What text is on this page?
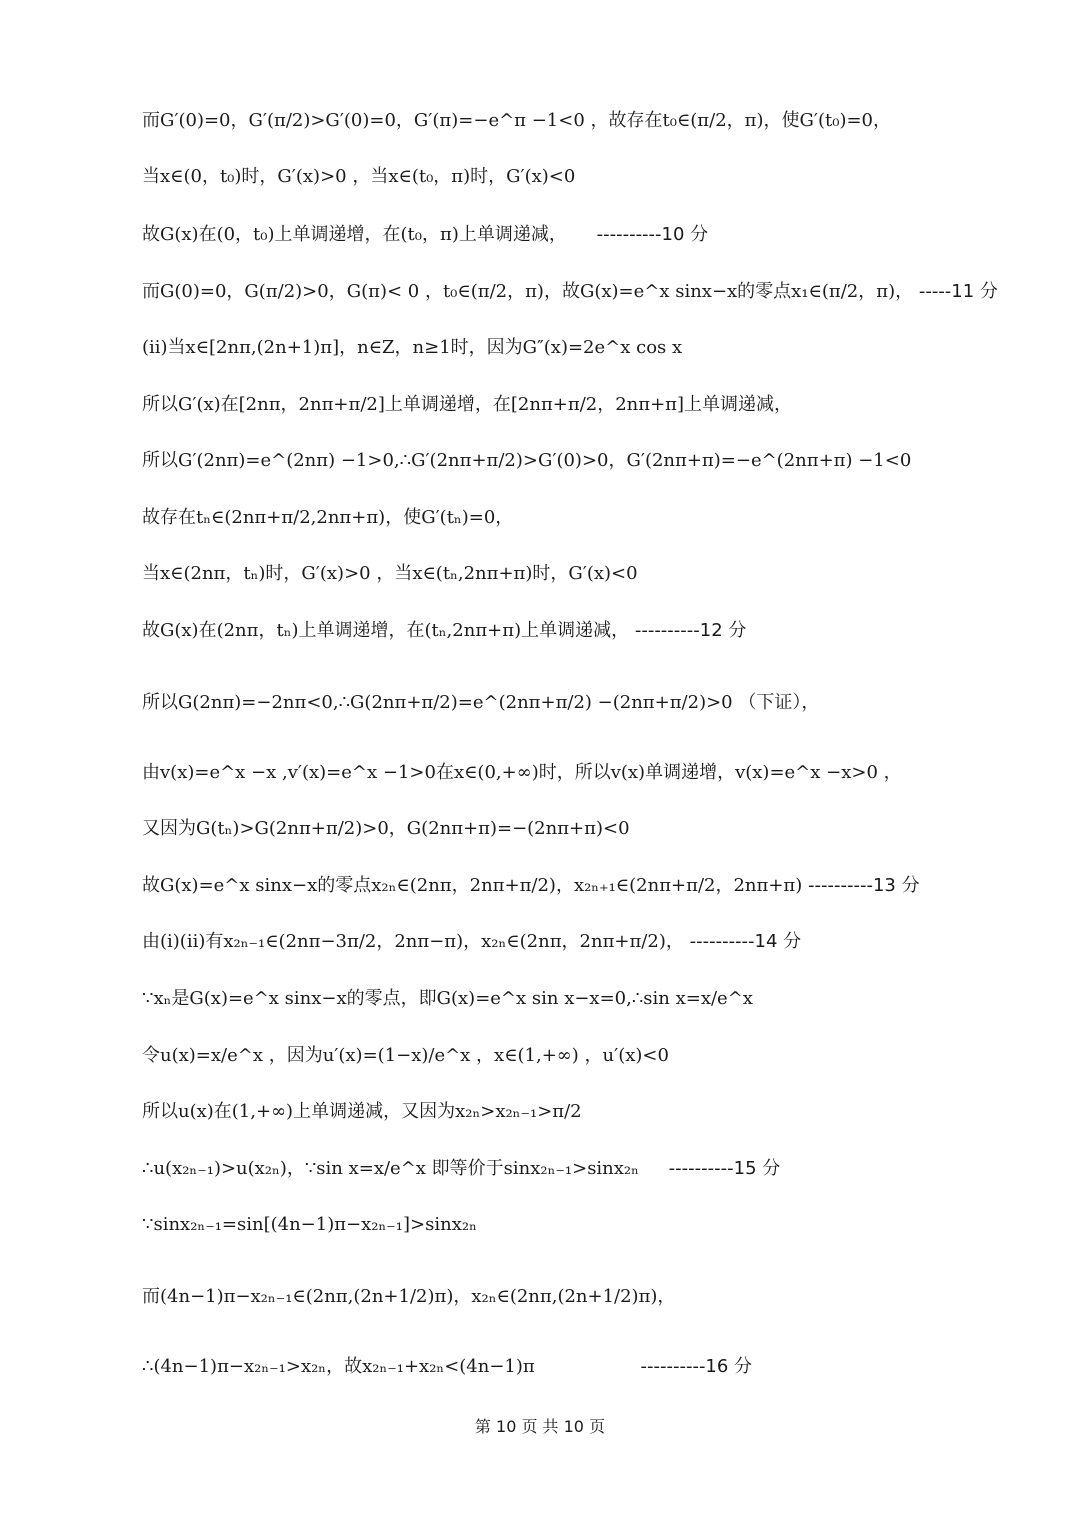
而G′(0)=0，G′(π/2)>G′(0)=0，G′(π)=−e^π −1<0 ，故存在t₀∈(π/2，π)，使G′(t₀)=0，
当x∈(0，t₀)时，G′(x)>0 ，当x∈(t₀，π)时，G′(x)<0
故G(x)在(0，t₀)上单调递增，在(t₀，π)上单调递减， ----------10 分
而G(0)=0，G(π/2)>0，G(π)< 0 ，t₀∈(π/2，π)，故G(x)=e^x sinx−x的零点x₁∈(π/2，π)， -----11 分
(ii)当x∈[2nπ,(2n+1)π]，n∈Z，n≥1时，因为G″(x)=2e^x cos x
所以G′(x)在[2nπ，2nπ+π/2]上单调递增，在[2nπ+π/2，2nπ+π]上单调递减，
所以G′(2nπ)=e^(2nπ) −1>0,∴G′(2nπ+π/2)>G′(0)>0，G′(2nπ+π)=−e^(2nπ+π) −1<0
故存在tₙ∈(2nπ+π/2,2nπ+π)，使G′(tₙ)=0，
当x∈(2nπ，tₙ)时，G′(x)>0 ，当x∈(tₙ,2nπ+π)时，G′(x)<0
故G(x)在(2nπ，tₙ)上单调递增，在(tₙ,2nπ+π)上单调递减， ----------12 分
所以G(2nπ)=−2nπ<0,∴G(2nπ+π/2)=e^(2nπ+π/2) −(2nπ+π/2)>0 （下证），
由v(x)=e^x −x ,v′(x)=e^x −1>0在x∈(0,+∞)时，所以v(x)单调递增，v(x)=e^x −x>0 ，
又因为G(tₙ)>G(2nπ+π/2)>0，G(2nπ+π)=−(2nπ+π)<0
故G(x)=e^x sinx−x的零点x₂ₙ∈(2nπ，2nπ+π/2)，x₂ₙ₊₁∈(2nπ+π/2，2nπ+π) ----------13 分
由(i)(ii)有x₂ₙ₋₁∈(2nπ−3π/2，2nπ−π)，x₂ₙ∈(2nπ，2nπ+π/2)， ----------14 分
∵xₙ是G(x)=e^x sinx−x的零点，即G(x)=e^x sin x−x=0,∴sin x=x/e^x
令u(x)=x/e^x ，因为u′(x)=(1−x)/e^x ，x∈(1,+∞) ，u′(x)<0
所以u(x)在(1,+∞)上单调递减，又因为x₂ₙ>x₂ₙ₋₁>π/2
∴u(x₂ₙ₋₁)>u(x₂ₙ)，∵sin x=x/e^x 即等价于sinx₂ₙ₋₁>sinx₂ₙ ----------15 分
∵sinx₂ₙ₋₁=sin[(4n−1)π−x₂ₙ₋₁]>sinx₂ₙ
而(4n−1)π−x₂ₙ₋₁∈(2nπ,(2n+1/2)π)，x₂ₙ∈(2nπ,(2n+1/2)π)，
∴(4n−1)π−x₂ₙ₋₁>x₂ₙ，故x₂ₙ₋₁+x₂ₙ<(4n−1)π	----------16 分
第 10 页 共 10 页
